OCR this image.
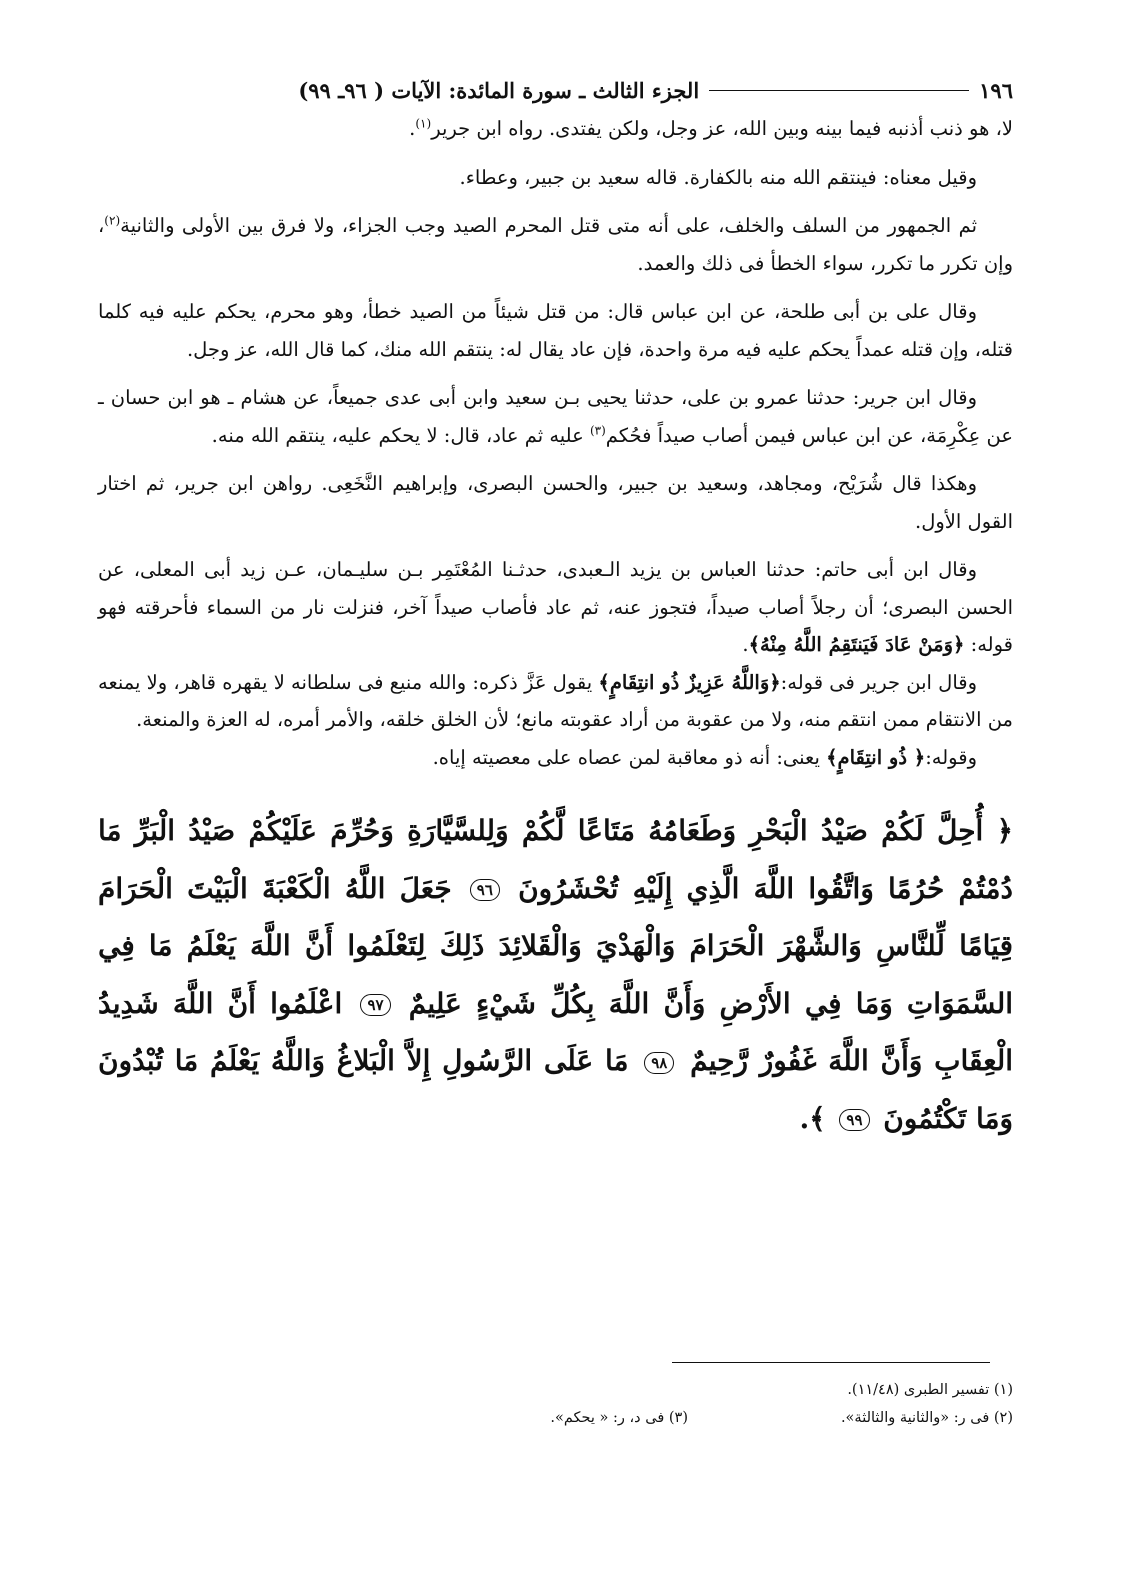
١٩٦
الجزء الثالث ـ سورة المائدة: الآيات ( ٩٦ـ ٩٩)

لا، هو ذنب أذنبه فيما بينه وبين الله، عز وجل، ولكن يفتدى. رواه ابن جرير$^{(١)}$.

وقيل معناه: فينتقم الله منه بالكفارة. قاله سعيد بن جبير، وعطاء.

ثم الجمهور من السلف والخلف، على أنه متى قتل المحرم الصيد وجب الجزاء، ولا فرق بين الأولى والثانية$^{(٢)}$، وإن تكرر ما تكرر، سواء الخطأ فى ذلك والعمد.

وقال على بن أبى طلحة، عن ابن عباس قال: من قتل شيئاً من الصيد خطأ، وهو محرم، يحكم عليه فيه كلما قتله، وإن قتله عمداً يحكم عليه فيه مرة واحدة، فإن عاد يقال له: ينتقم الله منك، كما قال الله، عز وجل.

وقال ابن جرير: حدثنا عمرو بن على، حدثنا يحيى بـن سعيد وابن أبى عدى جميعاً، عن هشام ـ هو ابن حسان ـ عن عِكْرِمَة، عن ابن عباس فيمن أصاب صيداً فحُكم$^{(٣)}$ عليه ثم عاد، قال: لا يحكم عليه، ينتقم الله منه.

وهكذا قال شُرَيْح، ومجاهد، وسعيد بن جبير، والحسن البصرى، وإبراهيم النَّخَعِى. رواهن ابن جرير، ثم اختار القول الأول.

وقال ابن أبى حاتم: حدثنا العباس بن يزيد الـعبدى، حدثـنا المُعْتَمِر بـن سليـمان، عـن زيد أبى المعلى، عن الحسن البصرى؛ أن رجلاً أصاب صيداً، فتجوز عنه، ثم عاد فأصاب صيداً آخر، فنزلت نار من السماء فأحرقته فهو قوله: ﴿وَمَنْ عَادَ فَيَنتَقِمُ اللَّهُ مِنْهُ﴾.

وقال ابن جرير فى قوله:﴿وَاللَّهُ عَزِيزٌ ذُو انتِقَامٍ﴾ يقول عَزَّ ذكره: والله منيع فى سلطانه لا يقهره قاهر، ولا يمنعه من الانتقام ممن انتقم منه، ولا من عقوبة من أراد عقوبته مانع؛ لأن الخلق خلقه، والأمر أمره، له العزة والمنعة.

وقوله:﴿ ذُو انتِقَامٍ﴾ يعنى: أنه ذو معاقبة لمن عصاه على معصيته إياه.

﴿ أُحِلَّ لَكُمْ صَيْدُ الْبَحْرِ وَطَعَامُهُ مَتَاعًا لَّكُمْ وَلِلسَّيَّارَةِ وَحُرِّمَ عَلَيْكُمْ صَيْدُ الْبَرِّ مَا دُمْتُمْ حُرُمًا وَاتَّقُوا اللَّهَ الَّذِي إِلَيْهِ تُحْشَرُونَ ٩٦ جَعَلَ اللَّهُ الْكَعْبَةَ الْبَيْتَ الْحَرَامَ قِيَامًا لِّلنَّاسِ وَالشَّهْرَ الْحَرَامَ وَالْهَدْيَ وَالْقَلائِدَ ذَلِكَ لِتَعْلَمُوا أَنَّ اللَّهَ يَعْلَمُ مَا فِي السَّمَوَاتِ وَمَا فِي الأَرْضِ وَأَنَّ اللَّهَ بِكُلِّ شَيْءٍ عَلِيمٌ ٩٧ اعْلَمُوا أَنَّ اللَّهَ شَدِيدُ الْعِقَابِ وَأَنَّ اللَّهَ غَفُورٌ رَّحِيمٌ ٩٨ مَا عَلَى الرَّسُولِ إِلاَّ الْبَلاغُ وَاللَّهُ يَعْلَمُ مَا تُبْدُونَ وَمَا تَكْتُمُونَ ٩٩ ﴾.

(١) تفسير الطبرى (١١/٤٨).
(٢) فى ر: «والثانية والثالثة».
(٣) فى د، ر: « يحكم».
